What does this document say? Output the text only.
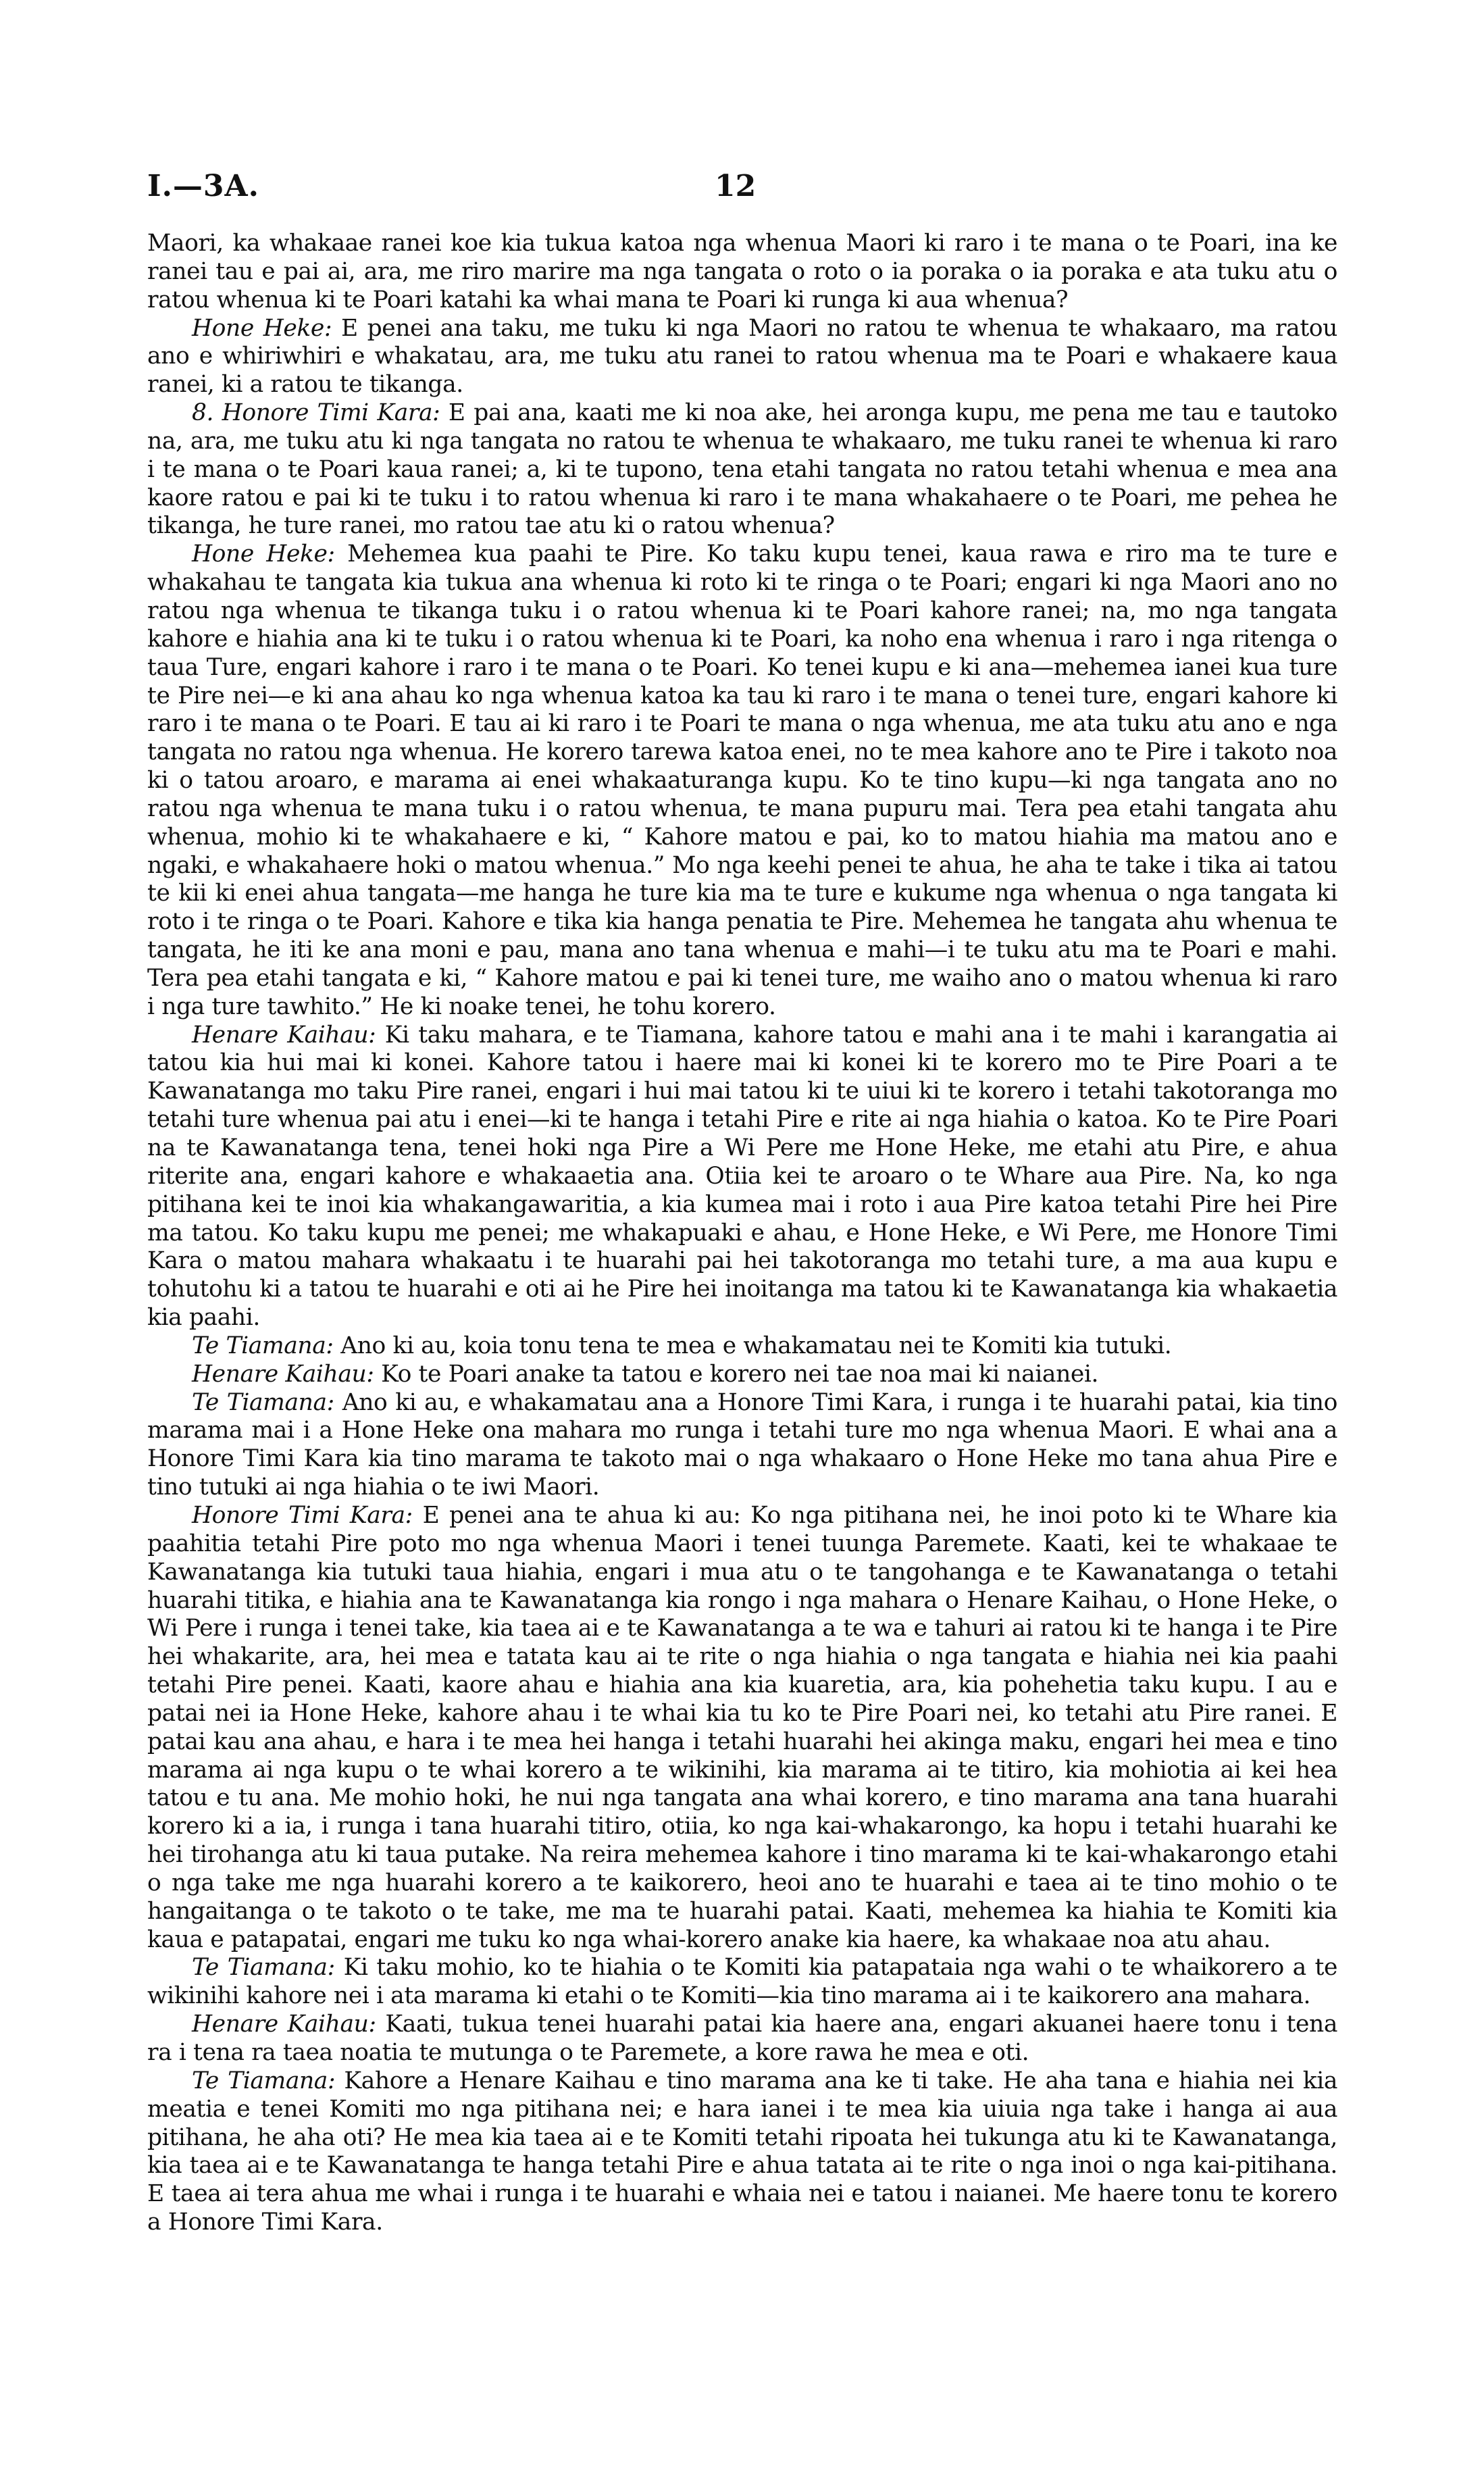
I.—3A.	12

Maori, ka whakaae ranei koe kia tukua katoa nga whenua Maori ki raro i te mana o te Poari, ina ke ranei tau e pai ai, ara, me riro marire ma nga tangata o roto o ia poraka o ia poraka e ata tuku atu o ratou whenua ki te Poari katahi ka whai mana te Poari ki runga ki aua whenua?

Hone Heke: E penei ana taku, me tuku ki nga Maori no ratou te whenua te whakaaro, ma ratou ano e whiriwhiri e whakatau, ara, me tuku atu ranei to ratou whenua ma te Poari e whakaere kaua ranei, ki a ratou te tikanga.

8. Honore Timi Kara: E pai ana, kaati me ki noa ake, hei aronga kupu, me pena me tau e tautoko na, ara, me tuku atu ki nga tangata no ratou te whenua te whakaaro, me tuku ranei te whenua ki raro i te mana o te Poari kaua ranei; a, ki te tupono, tena etahi tangata no ratou tetahi whenua e mea ana kaore ratou e pai ki te tuku i to ratou whenua ki raro i te mana whakahaere o te Poari, me pehea he tikanga, he ture ranei, mo ratou tae atu ki o ratou whenua?

Hone Heke: Mehemea kua paahi te Pire. Ko taku kupu tenei, kaua rawa e riro ma te ture e whakahau te tangata kia tukua ana whenua ki roto ki te ringa o te Poari; engari ki nga Maori ano no ratou nga whenua te tikanga tuku i o ratou whenua ki te Poari kahore ranei; na, mo nga tangata kahore e hiahia ana ki te tuku i o ratou whenua ki te Poari, ka noho ena whenua i raro i nga ritenga o taua Ture, engari kahore i raro i te mana o te Poari. Ko tenei kupu e ki ana—mehemea ianei kua ture te Pire nei—e ki ana ahau ko nga whenua katoa ka tau ki raro i te mana o tenei ture, engari kahore ki raro i te mana o te Poari. E tau ai ki raro i te Poari te mana o nga whenua, me ata tuku atu ano e nga tangata no ratou nga whenua. He korero tarewa katoa enei, no te mea kahore ano te Pire i takoto noa ki o tatou aroaro, e marama ai enei whakaaturanga kupu. Ko te tino kupu—ki nga tangata ano no ratou nga whenua te mana tuku i o ratou whenua, te mana pupuru mai. Tera pea etahi tangata ahu whenua, mohio ki te whakahaere e ki, “ Kahore matou e pai, ko to matou hiahia ma matou ano e ngaki, e whakahaere hoki o matou whenua.” Mo nga keehi penei te ahua, he aha te take i tika ai tatou te kii ki enei ahua tangata—me hanga he ture kia ma te ture e kukume nga whenua o nga tangata ki roto i te ringa o te Poari. Kahore e tika kia hanga penatia te Pire. Mehemea he tangata ahu whenua te tangata, he iti ke ana moni e pau, mana ano tana whenua e mahi—i te tuku atu ma te Poari e mahi. Tera pea etahi tangata e ki, “ Kahore matou e pai ki tenei ture, me waiho ano o matou whenua ki raro i nga ture tawhito.” He ki noake tenei, he tohu korero.

Henare Kaihau: Ki taku mahara, e te Tiamana, kahore tatou e mahi ana i te mahi i karangatia ai tatou kia hui mai ki konei. Kahore tatou i haere mai ki konei ki te korero mo te Pire Poari a te Kawanatanga mo taku Pire ranei, engari i hui mai tatou ki te uiui ki te korero i tetahi takotoranga mo tetahi ture whenua pai atu i enei—ki te hanga i tetahi Pire e rite ai nga hiahia o katoa. Ko te Pire Poari na te Kawanatanga tena, tenei hoki nga Pire a Wi Pere me Hone Heke, me etahi atu Pire, e ahua riterite ana, engari kahore e whakaaetia ana. Otiia kei te aroaro o te Whare aua Pire. Na, ko nga pitihana kei te inoi kia whakangawaritia, a kia kumea mai i roto i aua Pire katoa tetahi Pire hei Pire ma tatou. Ko taku kupu me penei; me whakapuaki e ahau, e Hone Heke, e Wi Pere, me Honore Timi Kara o matou mahara whakaatu i te huarahi pai hei takotoranga mo tetahi ture, a ma aua kupu e tohutohu ki a tatou te huarahi e oti ai he Pire hei inoitanga ma tatou ki te Kawanatanga kia whakaetia kia paahi.

Te Tiamana: Ano ki au, koia tonu tena te mea e whakamatau nei te Komiti kia tutuki.

Henare Kaihau: Ko te Poari anake ta tatou e korero nei tae noa mai ki naianei.

Te Tiamana: Ano ki au, e whakamatau ana a Honore Timi Kara, i runga i te huarahi patai, kia tino marama mai i a Hone Heke ona mahara mo runga i tetahi ture mo nga whenua Maori. E whai ana a Honore Timi Kara kia tino marama te takoto mai o nga whakaaro o Hone Heke mo tana ahua Pire e tino tutuki ai nga hiahia o te iwi Maori.

Honore Timi Kara: E penei ana te ahua ki au: Ko nga pitihana nei, he inoi poto ki te Whare kia paahitia tetahi Pire poto mo nga whenua Maori i tenei tuunga Paremete. Kaati, kei te whakaae te Kawanatanga kia tutuki taua hiahia, engari i mua atu o te tangohanga e te Kawanatanga o tetahi huarahi titika, e hiahia ana te Kawanatanga kia rongo i nga mahara o Henare Kaihau, o Hone Heke, o Wi Pere i runga i tenei take, kia taea ai e te Kawanatanga a te wa e tahuri ai ratou ki te hanga i te Pire hei whakarite, ara, hei mea e tatata kau ai te rite o nga hiahia o nga tangata e hiahia nei kia paahi tetahi Pire penei. Kaati, kaore ahau e hiahia ana kia kuaretia, ara, kia pohehetia taku kupu. I au e patai nei ia Hone Heke, kahore ahau i te whai kia tu ko te Pire Poari nei, ko tetahi atu Pire ranei. E patai kau ana ahau, e hara i te mea hei hanga i tetahi huarahi hei akinga maku, engari hei mea e tino marama ai nga kupu o te whai korero a te wikinihi, kia marama ai te titiro, kia mohiotia ai kei hea tatou e tu ana. Me mohio hoki, he nui nga tangata ana whai korero, e tino marama ana tana huarahi korero ki a ia, i runga i tana huarahi titiro, otiia, ko nga kai-whakarongo, ka hopu i tetahi huarahi ke hei tirohanga atu ki taua putake. Na reira mehemea kahore i tino marama ki te kai-whakarongo etahi o nga take me nga huarahi korero a te kaikorero, heoi ano te huarahi e taea ai te tino mohio o te hangaitanga o te takoto o te take, me ma te huarahi patai. Kaati, mehemea ka hiahia te Komiti kia kaua e patapatai, engari me tuku ko nga whai-korero anake kia haere, ka whakaae noa atu ahau.

Te Tiamana: Ki taku mohio, ko te hiahia o te Komiti kia patapataia nga wahi o te whaikorero a te wikinihi kahore nei i ata marama ki etahi o te Komiti—kia tino marama ai i te kaikorero ana mahara.

Henare Kaihau: Kaati, tukua tenei huarahi patai kia haere ana, engari akuanei haere tonu i tena ra i tena ra taea noatia te mutunga o te Paremete, a kore rawa he mea e oti.

Te Tiamana: Kahore a Henare Kaihau e tino marama ana ke ti take. He aha tana e hiahia nei kia meatia e tenei Komiti mo nga pitihana nei; e hara ianei i te mea kia uiuia nga take i hanga ai aua pitihana, he aha oti? He mea kia taea ai e te Komiti tetahi ripoata hei tukunga atu ki te Kawanatanga, kia taea ai e te Kawanatanga te hanga tetahi Pire e ahua tatata ai te rite o nga inoi o nga kai-pitihana. E taea ai tera ahua me whai i runga i te huarahi e whaia nei e tatou i naianei. Me haere tonu te korero a Honore Timi Kara.
